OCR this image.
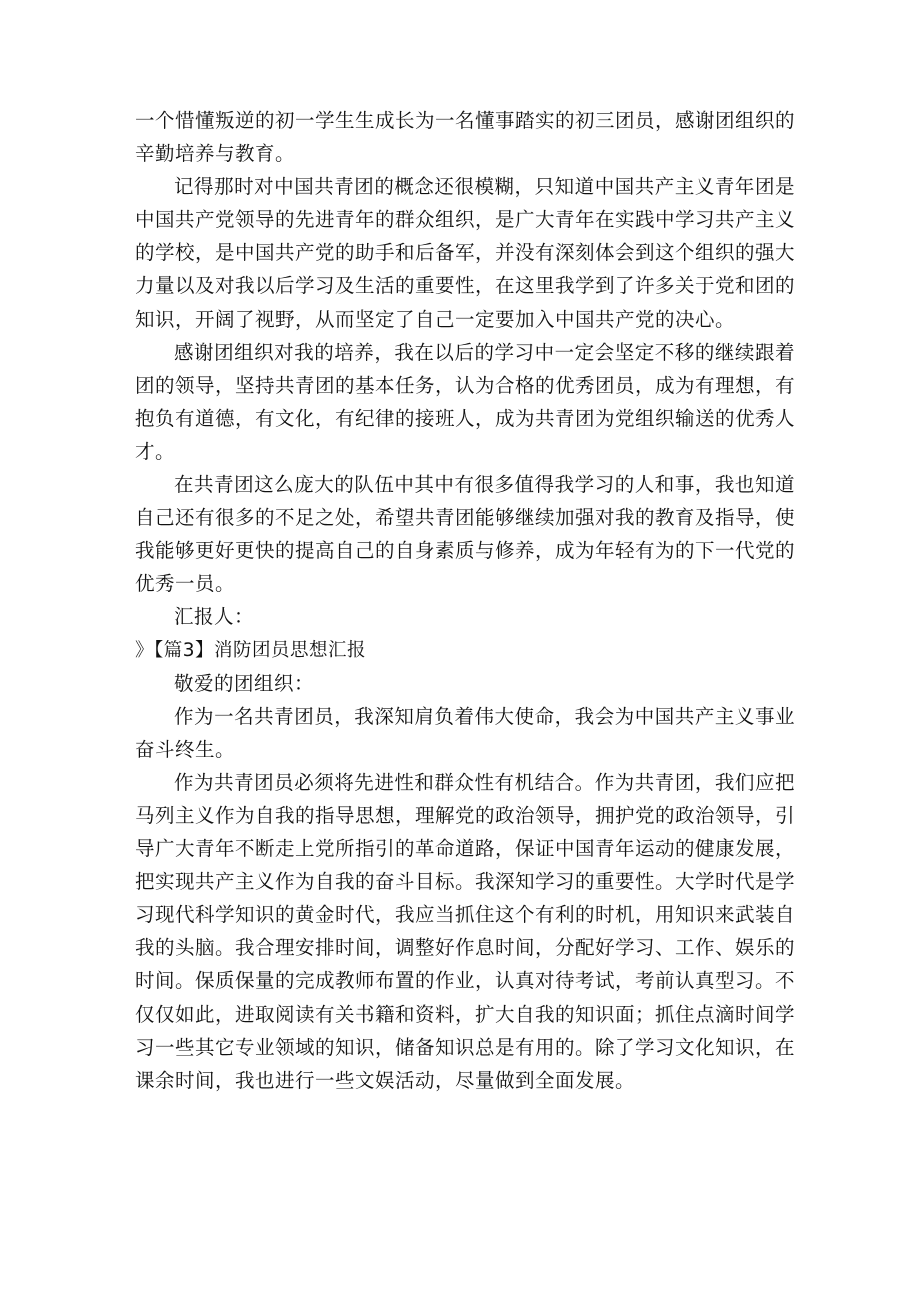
一个惜懂叛逆的初一学生生成长为一名懂事踏实的初三团员，感谢团组织的辛勤培养与教育。

记得那时对中国共青团的概念还很模糊，只知道中国共产主义青年团是中国共产党领导的先进青年的群众组织，是广大青年在实践中学习共产主义的学校，是中国共产党的助手和后备军，并没有深刻体会到这个组织的强大力量以及对我以后学习及生活的重要性，在这里我学到了许多关于党和团的知识，开阔了视野，从而坚定了自己一定要加入中国共产党的决心。

感谢团组织对我的培养，我在以后的学习中一定会坚定不移的继续跟着团的领导，坚持共青团的基本任务，认为合格的优秀团员，成为有理想，有抱负有道德，有文化，有纪律的接班人，成为共青团为党组织输送的优秀人才。

在共青团这么庞大的队伍中其中有很多值得我学习的人和事，我也知道自己还有很多的不足之处，希望共青团能够继续加强对我的教育及指导，使我能够更好更快的提高自己的自身素质与修养，成为年轻有为的下一代党的优秀一员。

汇报人：

》【篇3】消防团员思想汇报

敬爱的团组织：

作为一名共青团员，我深知肩负着伟大使命，我会为中国共产主义事业奋斗终生。

作为共青团员必须将先进性和群众性有机结合。作为共青团，我们应把马列主义作为自我的指导思想，理解党的政治领导，拥护党的政治领导，引导广大青年不断走上党所指引的革命道路，保证中国青年运动的健康发展，把实现共产主义作为自我的奋斗目标。我深知学习的重要性。大学时代是学习现代科学知识的黄金时代，我应当抓住这个有利的时机，用知识来武装自我的头脑。我合理安排时间，调整好作息时间，分配好学习、工作、娱乐的时间。保质保量的完成教师布置的作业，认真对待考试，考前认真型习。不仅仅如此，进取阅读有关书籍和资料，扩大自我的知识面；抓住点滴时间学习一些其它专业领域的知识，储备知识总是有用的。除了学习文化知识，在课余时间，我也进行一些文娱活动，尽量做到全面发展。
